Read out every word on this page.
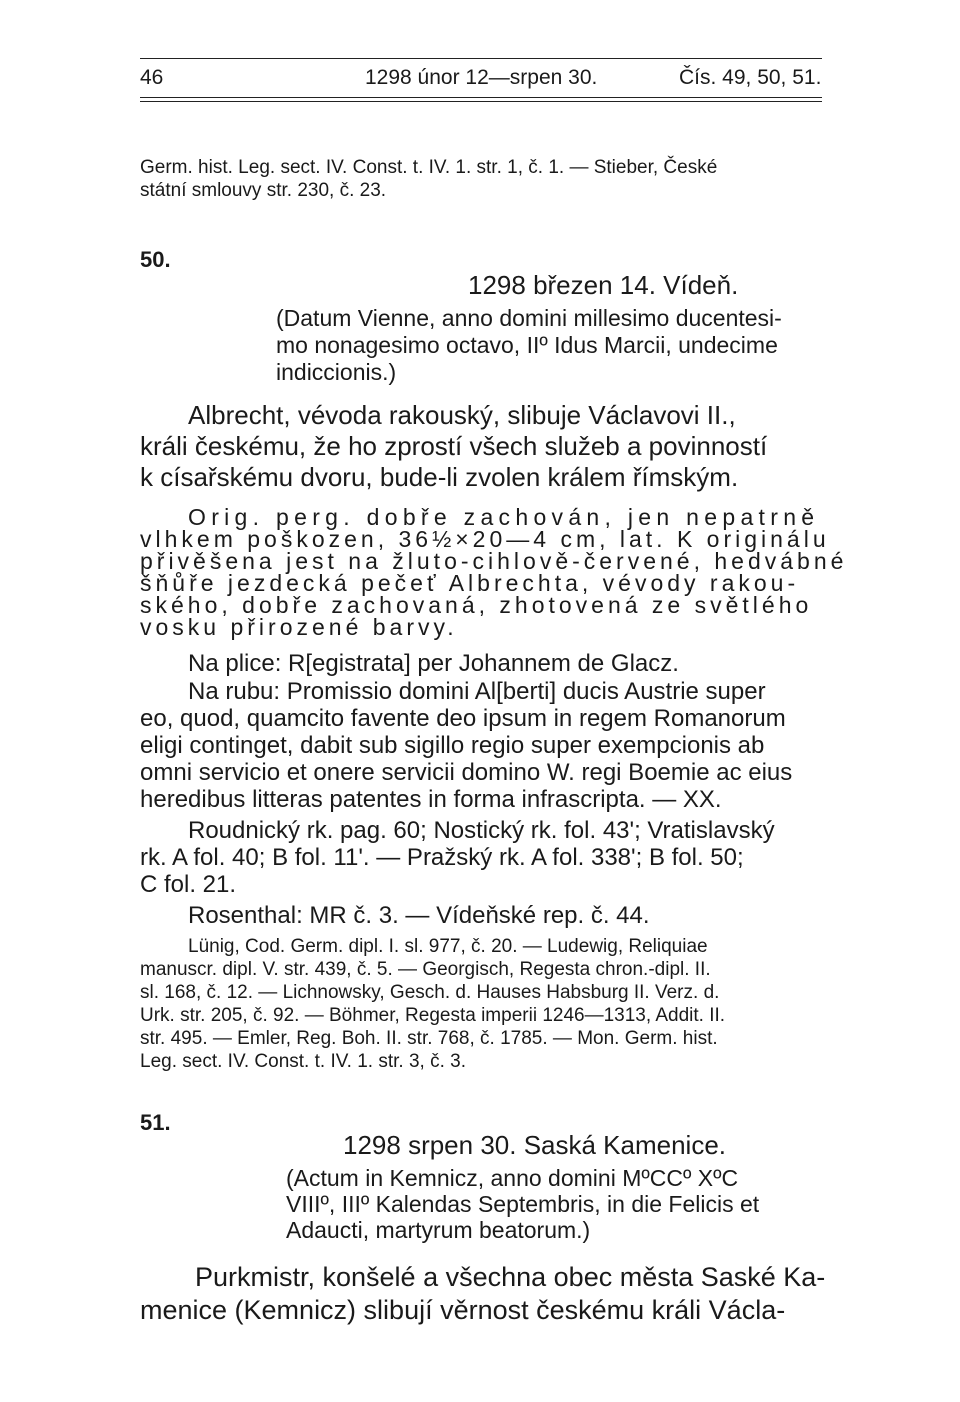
46	1298 únor 12—srpen 30.	Čís. 49, 50, 51.
Germ. hist. Leg. sect. IV. Const. t. IV. 1. str. 1, č. 1. — Stieber, České
státní smlouvy str. 230, č. 23.
50.
1298 březen 14. Vídeň.
(Datum Vienne, anno domini millesimo ducentesi-
mo nonagesimo octavo, IIº Idus Marcii, undecime
indiccionis.)
Albrecht, vévoda rakouský, slibuje Václavovi II.,
králi českému, že ho zprostí všech služeb a povinností
k císařskému dvoru, bude-li zvolen králem římským.
Orig. perg. dobře zachován, jen nepatrně
vlhkem poškozen, 36½×20—4 cm, lat. K originálu
přivěšena jest na žluto-cihlově-červené, hedvábné
šňůře jezdecká pečeť Albrechta, vévody rakou-
ského, dobře zachovaná, zhotovená ze světlého
vosku přirozené barvy.
Na plice: R[egistrata] per Johannem de Glacz.
Na rubu: Promissio domini Al[berti] ducis Austrie super
eo, quod, quamcito favente deo ipsum in regem Romanorum
eligi continget, dabit sub sigillo regio super exempcionis ab
omni servicio et onere servicii domino W. regi Boemie ac eius
heredibus litteras patentes in forma infrascripta. — XX.
Roudnický rk. pag. 60; Nostický rk. fol. 43'; Vratislavský
rk. A fol. 40; B fol. 11'. — Pražský rk. A fol. 338'; B fol. 50;
C fol. 21.
Rosenthal: MR č. 3. — Vídeňské rep. č. 44.
Lünig, Cod. Germ. dipl. I. sl. 977, č. 20. — Ludewig, Reliquiae
manuscr. dipl. V. str. 439, č. 5. — Georgisch, Regesta chron.-dipl. II.
sl. 168, č. 12. — Lichnowsky, Gesch. d. Hauses Habsburg II. Verz. d.
Urk. str. 205, č. 92. — Böhmer, Regesta imperii 1246—1313, Addit. II.
str. 495. — Emler, Reg. Boh. II. str. 768, č. 1785. — Mon. Germ. hist.
Leg. sect. IV. Const. t. IV. 1. str. 3, č. 3.
51.
1298 srpen 30. Saská Kamenice.
(Actum in Kemnicz, anno domini MºCCº XºC
VIIIº, IIIº Kalendas Septembris, in die Felicis et
Adaucti, martyrum beatorum.)
Purkmistr, konšelé a všechna obec města Saské Ka-
menice (Kemnicz) slibují věrnost českému králi Václa-
